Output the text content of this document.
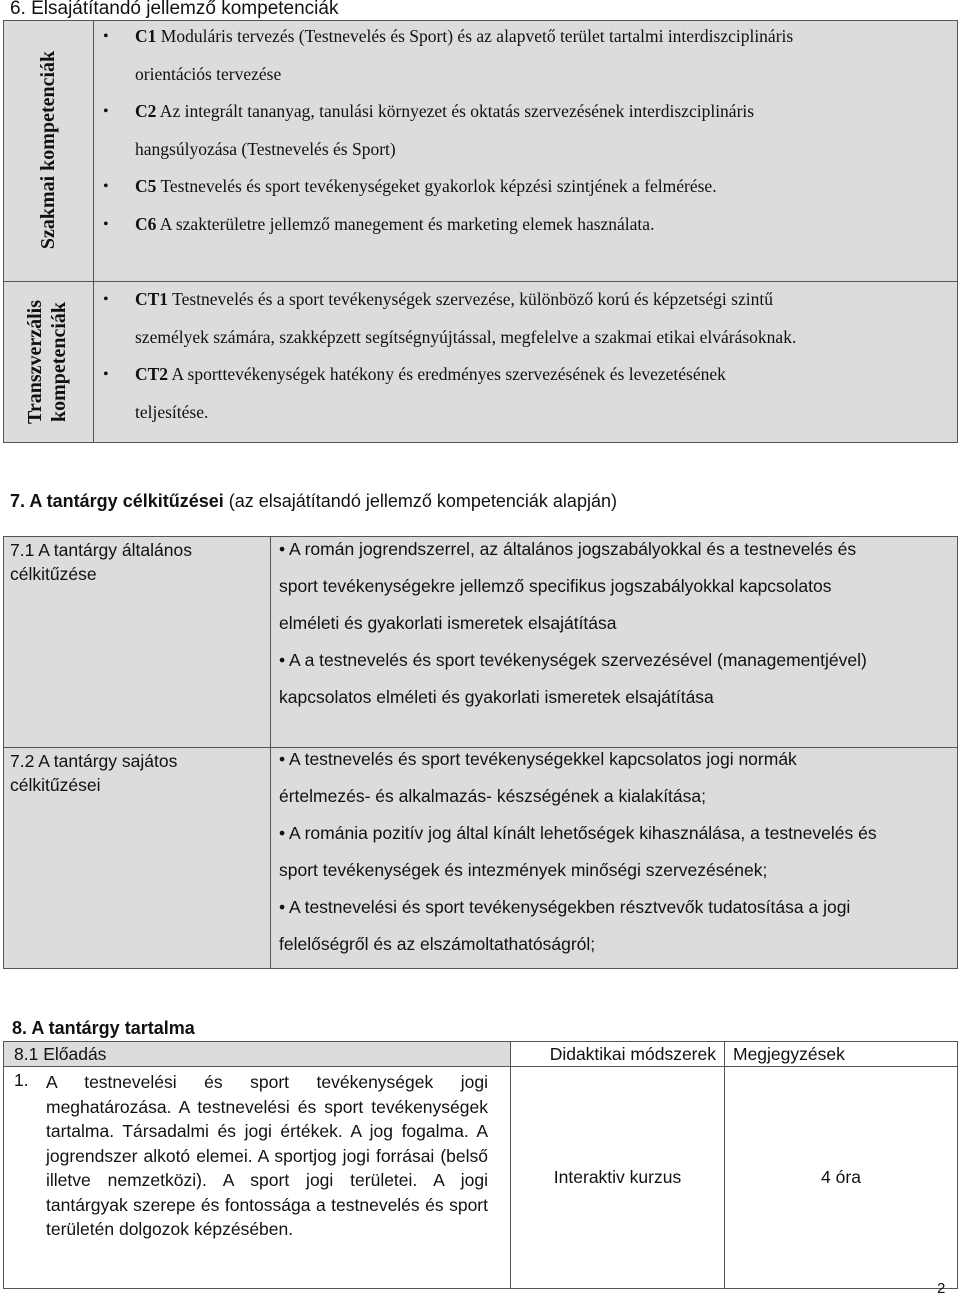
6. Elsajátítandó jellemző kompetenciák
Szakmai kompetenciák
• C1 Moduláris tervezés (Testnevelés és Sport) és az alapvető terület tartalmi interdiszciplináris
orientációs tervezése
• C2 Az integrált tananyag, tanulási környezet és oktatás szervezésének interdiszciplináris
hangsúlyozása (Testnevelés és Sport)
• C5 Testnevelés és sport tevékenységeket gyakorlok képzési szintjének a felmérése.
• C6 A szakterületre jellemző manegement és marketing elemek használata.
Transzverzális kompetenciák
• CT1 Testnevelés és a sport tevékenységek szervezése, különböző korú és képzetségi szintű
személyek számára, szakképzett segítségnyújtással, megfelelve a szakmai etikai elvárásoknak.
• CT2 A sporttevékenységek hatékony és eredményes szervezésének és levezetésének
teljesítése.
7. A tantárgy célkitűzései (az elsajátítandó jellemző kompetenciák alapján)
7.1 A tantárgy általános
célkitűzése
• A román jogrendszerrel, az általános jogszabályokkal és a testnevelés és
sport tevékenységekre jellemző specifikus jogszabályokkal kapcsolatos
elméleti és gyakorlati ismeretek elsajátítása
• A a testnevelés és sport tevékenységek szervezésével (managementjével)
kapcsolatos elméleti és gyakorlati ismeretek elsajátítása
7.2 A tantárgy sajátos
célkitűzései
• A testnevelés és sport tevékenységekkel kapcsolatos jogi normák
értelmezés- és alkalmazás- készségének a kialakítása;
• A románia pozitív jog által kínált lehetőségek kihasználása, a testnevelés és
sport tevékenységek és intezmények minőségi szervezésének;
• A testnevelési és sport tevékenységekben résztvevők tudatosítása a jogi
felelőségről és az elszámoltathatóságról;
8. A tantárgy tartalma
8.1 Előadás	Didaktikai módszerek	Megjegyzések

1. A testnevelési és sport tevékenységek jogi meghatározása. A testnevelési és sport tevékenységek tartalma. Társadalmi és jogi értékek. A jog fogalma. A jogrendszer alkotó elemei. A sportjog jogi forrásai (belső illetve nemzetközi). A sport jogi területei. A jogi tantárgyak szerepe és fontossága a testnevelés és sport területén dolgozok képzésében.	Interaktiv kurzus	4 óra
2
